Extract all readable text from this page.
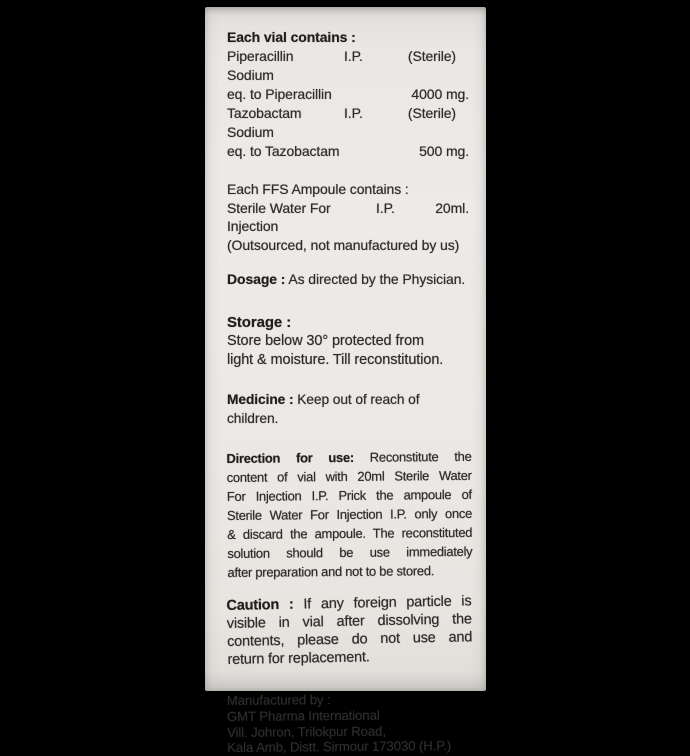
Each vial contains :
Piperacillin Sodium
I.P.	(Sterile)
eq. to Piperacillin	4000 mg.
Tazobactam Sodium
I.P.	(Sterile)
eq. to Tazobactam	500 mg.
Each FFS Ampoule contains :
Sterile Water For Injection
I.P.	20ml.
(Outsourced, not manufactured by us)
Dosage : As directed by the Physician.
Storage :
Store below 30° protected from
light & moisture. Till reconstitution.
Medicine : Keep out of reach of children.
Direction for use: Reconstitute the
content of vial with 20ml Sterile Water
For Injection I.P. Prick the ampoule of
Sterile Water For Injection I.P. only once
& discard the ampoule. The reconstituted
solution should be use immediately
after preparation and not to be stored.
Caution : If any foreign particle is
visible in vial after dissolving the
contents, please do not use and
return for replacement.
Manufactured by :
GMT Pharma International
Vill. Johron, Trilokpur Road,
Kala Amb, Distt. Sirmour 173030 (H.P.)
